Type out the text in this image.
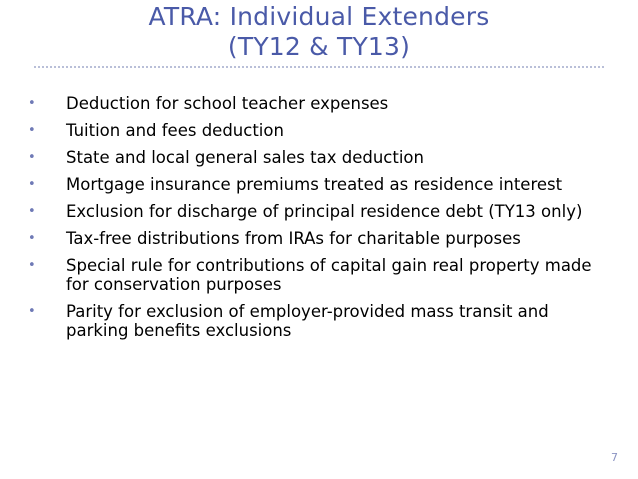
ATRA: Individual Extenders
(TY12 & TY13)
•	Deduction for school teacher expenses
•	Tuition and fees deduction
•	State and local general sales tax deduction
•	Mortgage insurance premiums treated as residence interest
•	Exclusion for discharge of principal residence debt (TY13 only)
•	Tax-free distributions from IRAs for charitable purposes
•	Special rule for contributions of capital gain real property made for conservation purposes
•	Parity for exclusion of employer-provided mass transit and parking benefits exclusions
7
